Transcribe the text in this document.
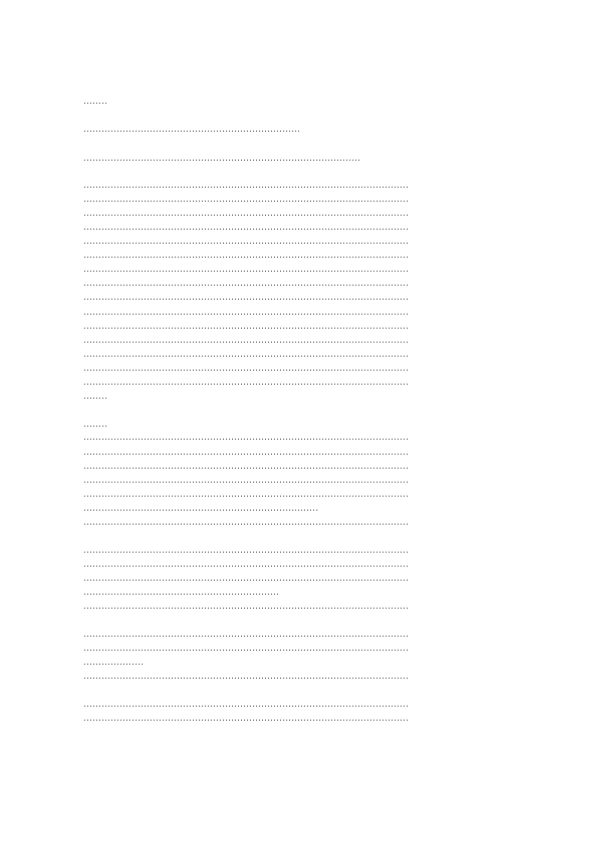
........
........................................................................
............................................................................................
............................................................................................................
............................................................................................................
............................................................................................................
............................................................................................................
............................................................................................................
............................................................................................................
............................................................................................................
............................................................................................................
............................................................................................................
............................................................................................................
............................................................................................................
............................................................................................................
............................................................................................................
............................................................................................................
............................................................................................................
........
........
............................................................................................................
............................................................................................................
............................................................................................................
............................................................................................................
............................................................................................................
..............................................................................
............................................................................................................
............................................................................................................
............................................................................................................
............................................................................................................
.................................................................
............................................................................................................
............................................................................................................
............................................................................................................
....................
............................................................................................................
............................................................................................................
............................................................................................................
